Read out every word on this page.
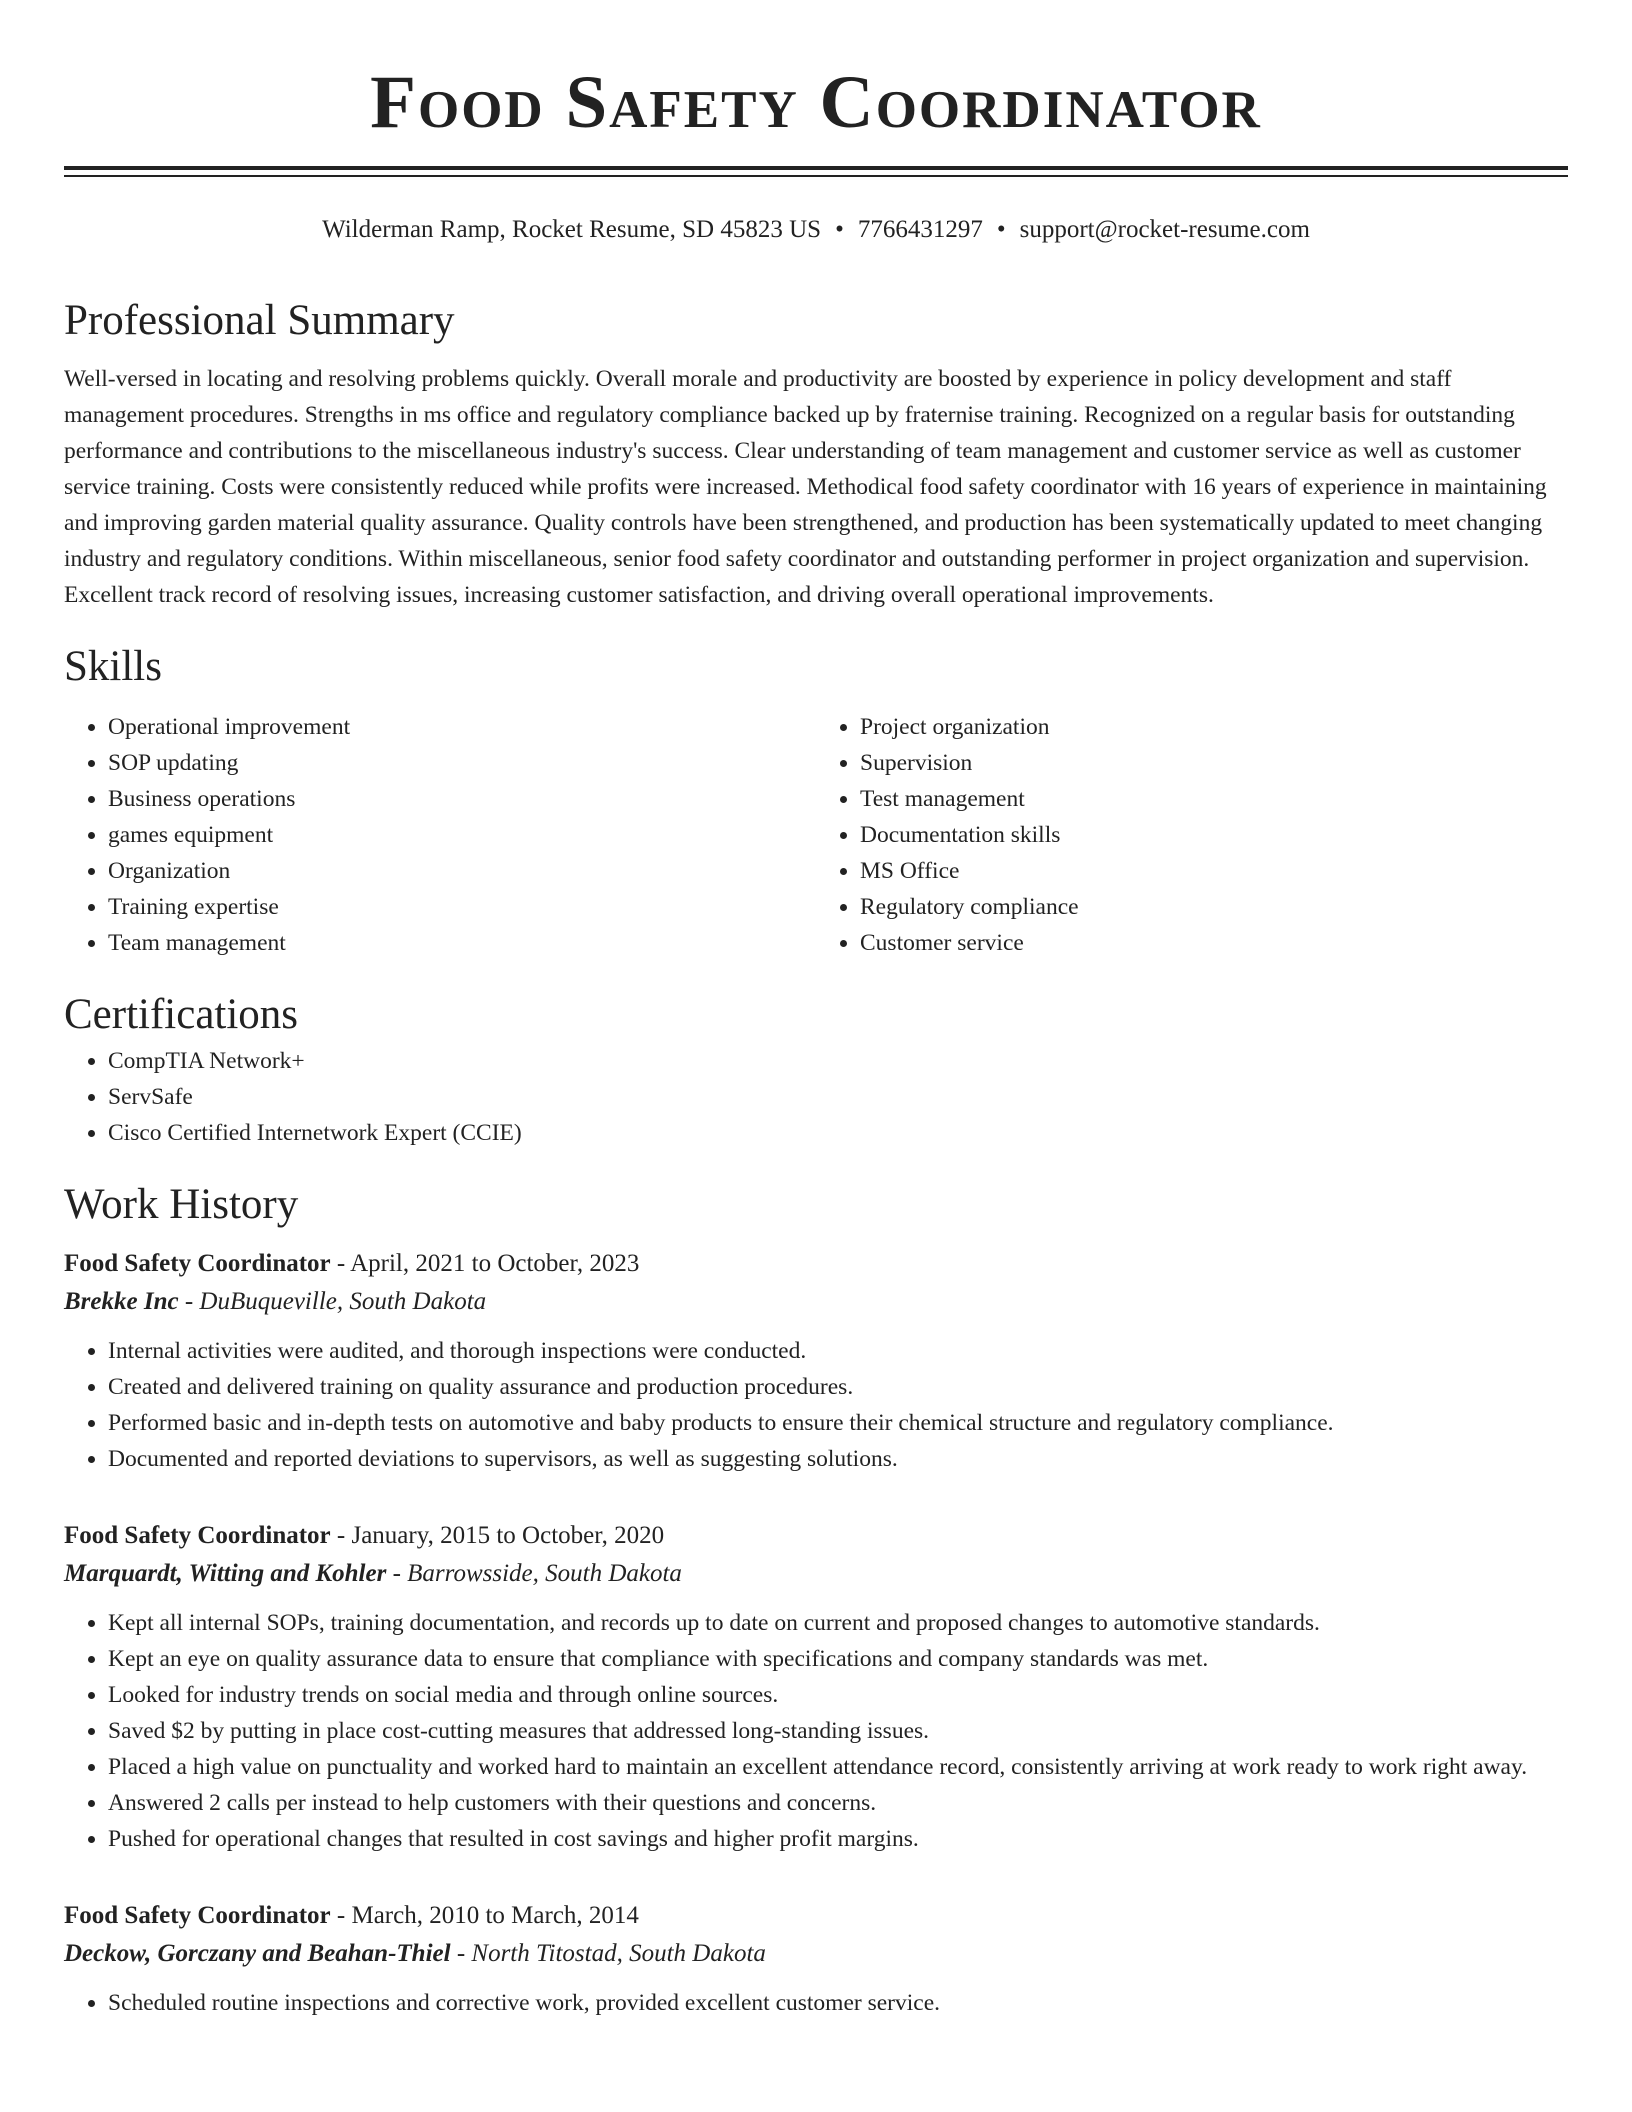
Food Safety Coordinator
Wilderman Ramp, Rocket Resume, SD 45823 US • 7766431297 • support@rocket-resume.com
Professional Summary

Well-versed in locating and resolving problems quickly. Overall morale and productivity are boosted by experience in policy development and staff management procedures. Strengths in ms office and regulatory compliance backed up by fraternise training. Recognized on a regular basis for outstanding performance and contributions to the miscellaneous industry's success. Clear understanding of team management and customer service as well as customer service training. Costs were consistently reduced while profits were increased. Methodical food safety coordinator with 16 years of experience in maintaining and improving garden material quality assurance. Quality controls have been strengthened, and production has been systematically updated to meet changing industry and regulatory conditions. Within miscellaneous, senior food safety coordinator and outstanding performer in project organization and supervision. Excellent track record of resolving issues, increasing customer satisfaction, and driving overall operational improvements.

Skills
• Operational improvement
• SOP updating
• Business operations
• games equipment
• Organization
• Training expertise
• Team management
• Project organization
• Supervision
• Test management
• Documentation skills
• MS Office
• Regulatory compliance
• Customer service
Certifications
• CompTIA Network+
• ServSafe
• Cisco Certified Internetwork Expert (CCIE)
Work History
Food Safety Coordinator - April, 2021 to October, 2023
Brekke Inc - DuBuqueville, South Dakota
• Internal activities were audited, and thorough inspections were conducted.
• Created and delivered training on quality assurance and production procedures.
• Performed basic and in-depth tests on automotive and baby products to ensure their chemical structure and regulatory compliance.
• Documented and reported deviations to supervisors, as well as suggesting solutions.
Food Safety Coordinator - January, 2015 to October, 2020
Marquardt, Witting and Kohler - Barrowsside, South Dakota
• Kept all internal SOPs, training documentation, and records up to date on current and proposed changes to automotive standards.
• Kept an eye on quality assurance data to ensure that compliance with specifications and company standards was met.
• Looked for industry trends on social media and through online sources.
• Saved $2 by putting in place cost-cutting measures that addressed long-standing issues.
• Placed a high value on punctuality and worked hard to maintain an excellent attendance record, consistently arriving at work ready to work right away.
• Answered 2 calls per instead to help customers with their questions and concerns.
• Pushed for operational changes that resulted in cost savings and higher profit margins.
Food Safety Coordinator - March, 2010 to March, 2014
Deckow, Gorczany and Beahan-Thiel - North Titostad, South Dakota
• Scheduled routine inspections and corrective work, provided excellent customer service.
